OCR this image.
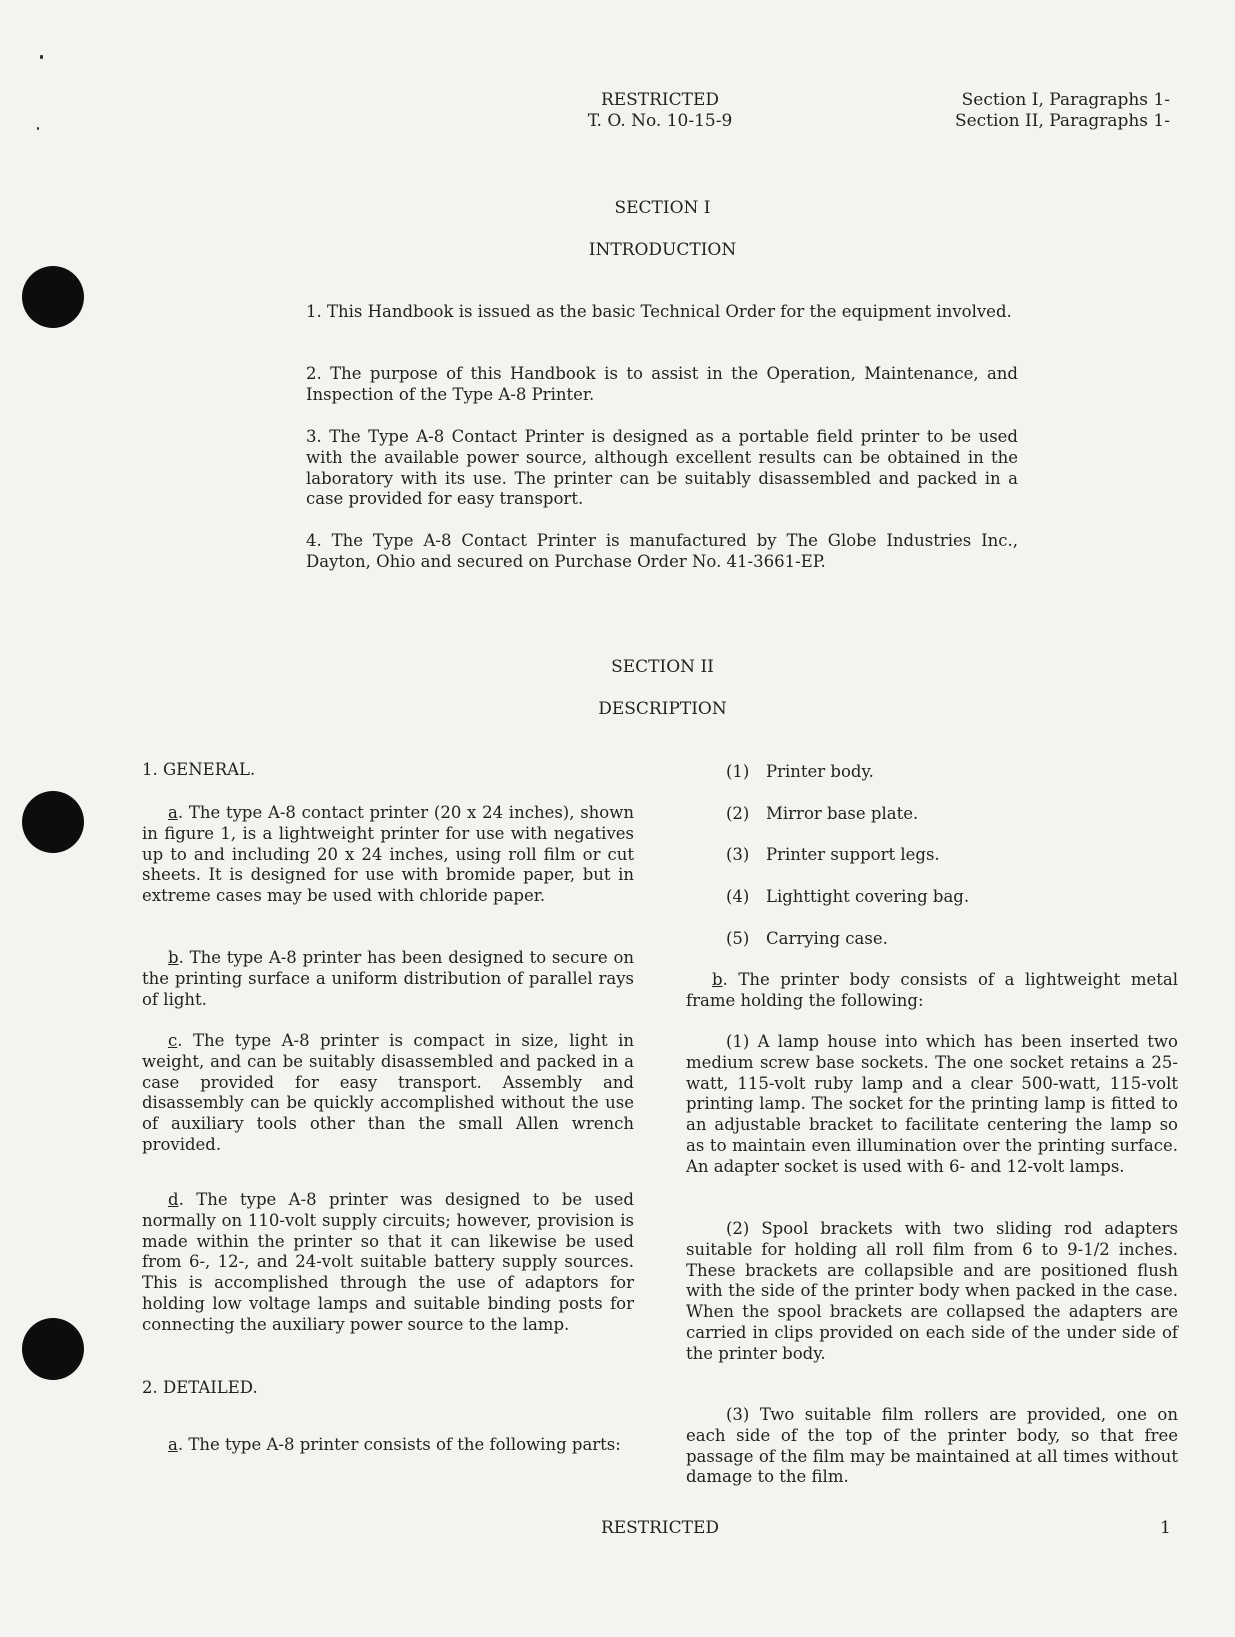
RESTRICTED
T. O. No. 10-15-9
Section I, Paragraphs 1-
Section II, Paragraphs 1-
SECTION I
INTRODUCTION

1. This Handbook is issued as the basic Technical Order for the equipment involved.

2. The purpose of this Handbook is to assist in the Operation, Maintenance, and Inspection of the Type A-8 Printer.

3. The Type A-8 Contact Printer is designed as a portable field printer to be used with the available power source, although excellent results can be obtained in the laboratory with its use. The printer can be suitably disassembled and packed in a case provided for easy transport.

4. The Type A-8 Contact Printer is manufactured by The Globe Industries Inc., Dayton, Ohio and secured on Purchase Order No. 41-3661-EP.

SECTION II
DESCRIPTION
1. GENERAL.

a. The type A-8 contact printer (20 x 24 inches), shown in figure 1, is a lightweight printer for use with negatives up to and including 20 x 24 inches, using roll film or cut sheets. It is designed for use with bromide paper, but in extreme cases may be used with chloride paper.

b. The type A-8 printer has been designed to secure on the printing surface a uniform distribution of parallel rays of light.

c. The type A-8 printer is compact in size, light in weight, and can be suitably disassembled and packed in a case provided for easy transport. Assembly and disassembly can be quickly accomplished without the use of auxiliary tools other than the small Allen wrench provided.

d. The type A-8 printer was designed to be used normally on 110-volt supply circuits; however, provision is made within the printer so that it can likewise be used from 6-, 12-, and 24-volt suitable battery supply sources. This is accomplished through the use of adaptors for holding low voltage lamps and suitable binding posts for connecting the auxiliary power source to the lamp.

2. DETAILED.

a. The type A-8 printer consists of the following parts:

(1) Printer body.
(2) Mirror base plate.
(3) Printer support legs.
(4) Lighttight covering bag.
(5) Carrying case.

b. The printer body consists of a lightweight metal frame holding the following:

(1) A lamp house into which has been inserted two medium screw base sockets. The one socket retains a 25-watt, 115-volt ruby lamp and a clear 500-watt, 115-volt printing lamp. The socket for the printing lamp is fitted to an adjustable bracket to facilitate centering the lamp so as to maintain even illumination over the printing surface. An adapter socket is used with 6- and 12-volt lamps.

(2) Spool brackets with two sliding rod adapters suitable for holding all roll film from 6 to 9-1/2 inches. These brackets are collapsible and are positioned flush with the side of the printer body when packed in the case. When the spool brackets are collapsed the adapters are carried in clips provided on each side of the under side of the printer body.

(3) Two suitable film rollers are provided, one on each side of the top of the printer body, so that free passage of the film may be maintained at all times without damage to the film.

RESTRICTED	1
